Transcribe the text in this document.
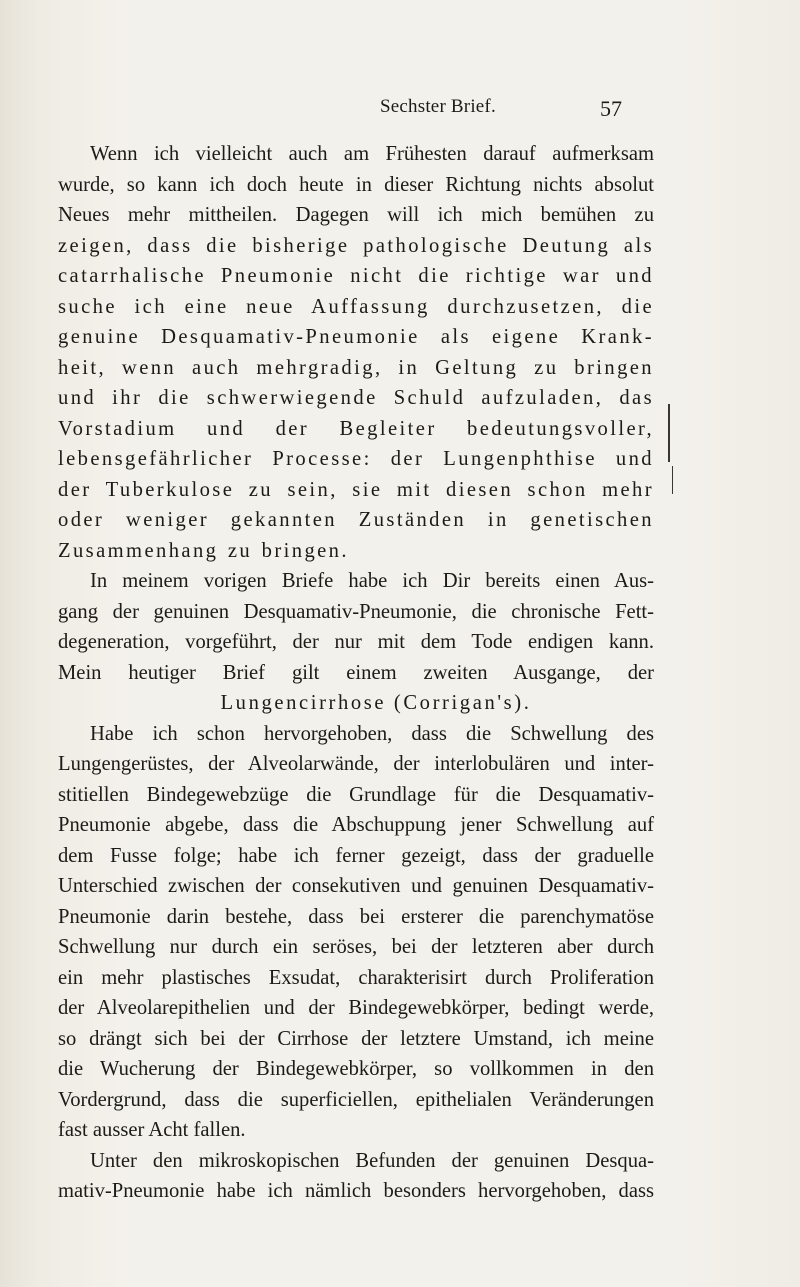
Sechster Brief.	57
Wenn ich vielleicht auch am Frühesten darauf aufmerksam
wurde, so kann ich doch heute in dieser Richtung nichts absolut
Neues mehr mittheilen. Dagegen will ich mich bemühen zu
zeigen, dass die bisherige pathologische Deutung als
catarrhalische Pneumonie nicht die richtige war und
suche ich eine neue Auffassung durchzusetzen, die
genuine Desquamativ-Pneumonie als eigene Krank-
heit, wenn auch mehrgradig, in Geltung zu bringen
und ihr die schwerwiegende Schuld aufzuladen, das
Vorstadium und der Begleiter bedeutungsvoller,
lebensgefährlicher Processe: der Lungenphthise und
der Tuberkulose zu sein, sie mit diesen schon mehr
oder weniger gekannten Zuständen in genetischen
Zusammenhang zu bringen.
In meinem vorigen Briefe habe ich Dir bereits einen Aus-
gang der genuinen Desquamativ-Pneumonie, die chronische Fett-
degeneration, vorgeführt, der nur mit dem Tode endigen kann.
Mein heutiger Brief gilt einem zweiten Ausgange, der
Lungencirrhose (Corrigan's).
Habe ich schon hervorgehoben, dass die Schwellung des
Lungengerüstes, der Alveolarwände, der interlobulären und inter-
stitiellen Bindegewebzüge die Grundlage für die Desquamativ-
Pneumonie abgebe, dass die Abschuppung jener Schwellung auf
dem Fusse folge; habe ich ferner gezeigt, dass der graduelle
Unterschied zwischen der consekutiven und genuinen Desquamativ-
Pneumonie darin bestehe, dass bei ersterer die parenchymatöse
Schwellung nur durch ein seröses, bei der letzteren aber durch
ein mehr plastisches Exsudat, charakterisirt durch Proliferation
der Alveolarepithelien und der Bindegewebkörper, bedingt werde,
so drängt sich bei der Cirrhose der letztere Umstand, ich meine
die Wucherung der Bindegewebkörper, so vollkommen in den
Vordergrund, dass die superficiellen, epithelialen Veränderungen
fast ausser Acht fallen.
Unter den mikroskopischen Befunden der genuinen Desqua-
mativ-Pneumonie habe ich nämlich besonders hervorgehoben, dass
